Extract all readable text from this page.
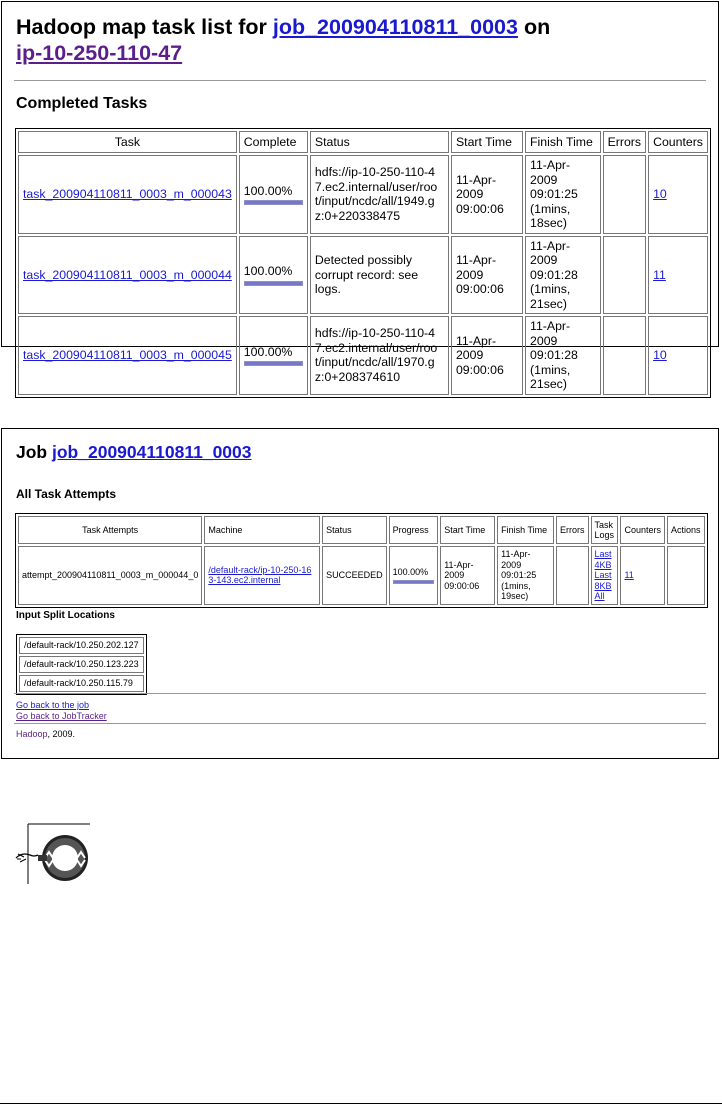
Hadoop map task list for job_200904110811_0003 on
ip-10-250-110-47
Completed Tasks
Task	Complete	Status	Start Time	Finish Time	Errors	Counters
task_200904110811_0003_m_000043	100.00%	hdfs://ip-10-250-110-47.ec2.internal/user/root/input/ncdc/all/1949.gz:0+220338475	11-Apr-2009 09:00:06	11-Apr-2009 09:01:25 (1mins, 18sec)		10
task_200904110811_0003_m_000044	100.00%	Detected possibly corrupt record: see logs.	11-Apr-2009 09:00:06	11-Apr-2009 09:01:28 (1mins, 21sec)		11
task_200904110811_0003_m_000045	100.00%	hdfs://ip-10-250-110-47.ec2.internal/user/root/input/ncdc/all/1970.gz:0+208374610	11-Apr-2009 09:00:06	11-Apr-2009 09:01:28 (1mins, 21sec)		10
Job job_200904110811_0003
All Task Attempts
Task Attempts	Machine	Status	Progress	Start Time	Finish Time	Errors	Task Logs	Counters	Actions
attempt_200904110811_0003_m_000044_0	/default-rack/ip-10-250-163-143.ec2.internal	SUCCEEDED	100.00%	11-Apr-2009 09:00:06	11-Apr-2009 09:01:25 (1mins, 19sec)		Last 4KB
Last 8KB
All	11	
Input Split Locations
/default-rack/10.250.202.127
/default-rack/10.250.123.223
/default-rack/10.250.115.79
Go back to the job
Go back to JobTracker
Hadoop, 2009.
